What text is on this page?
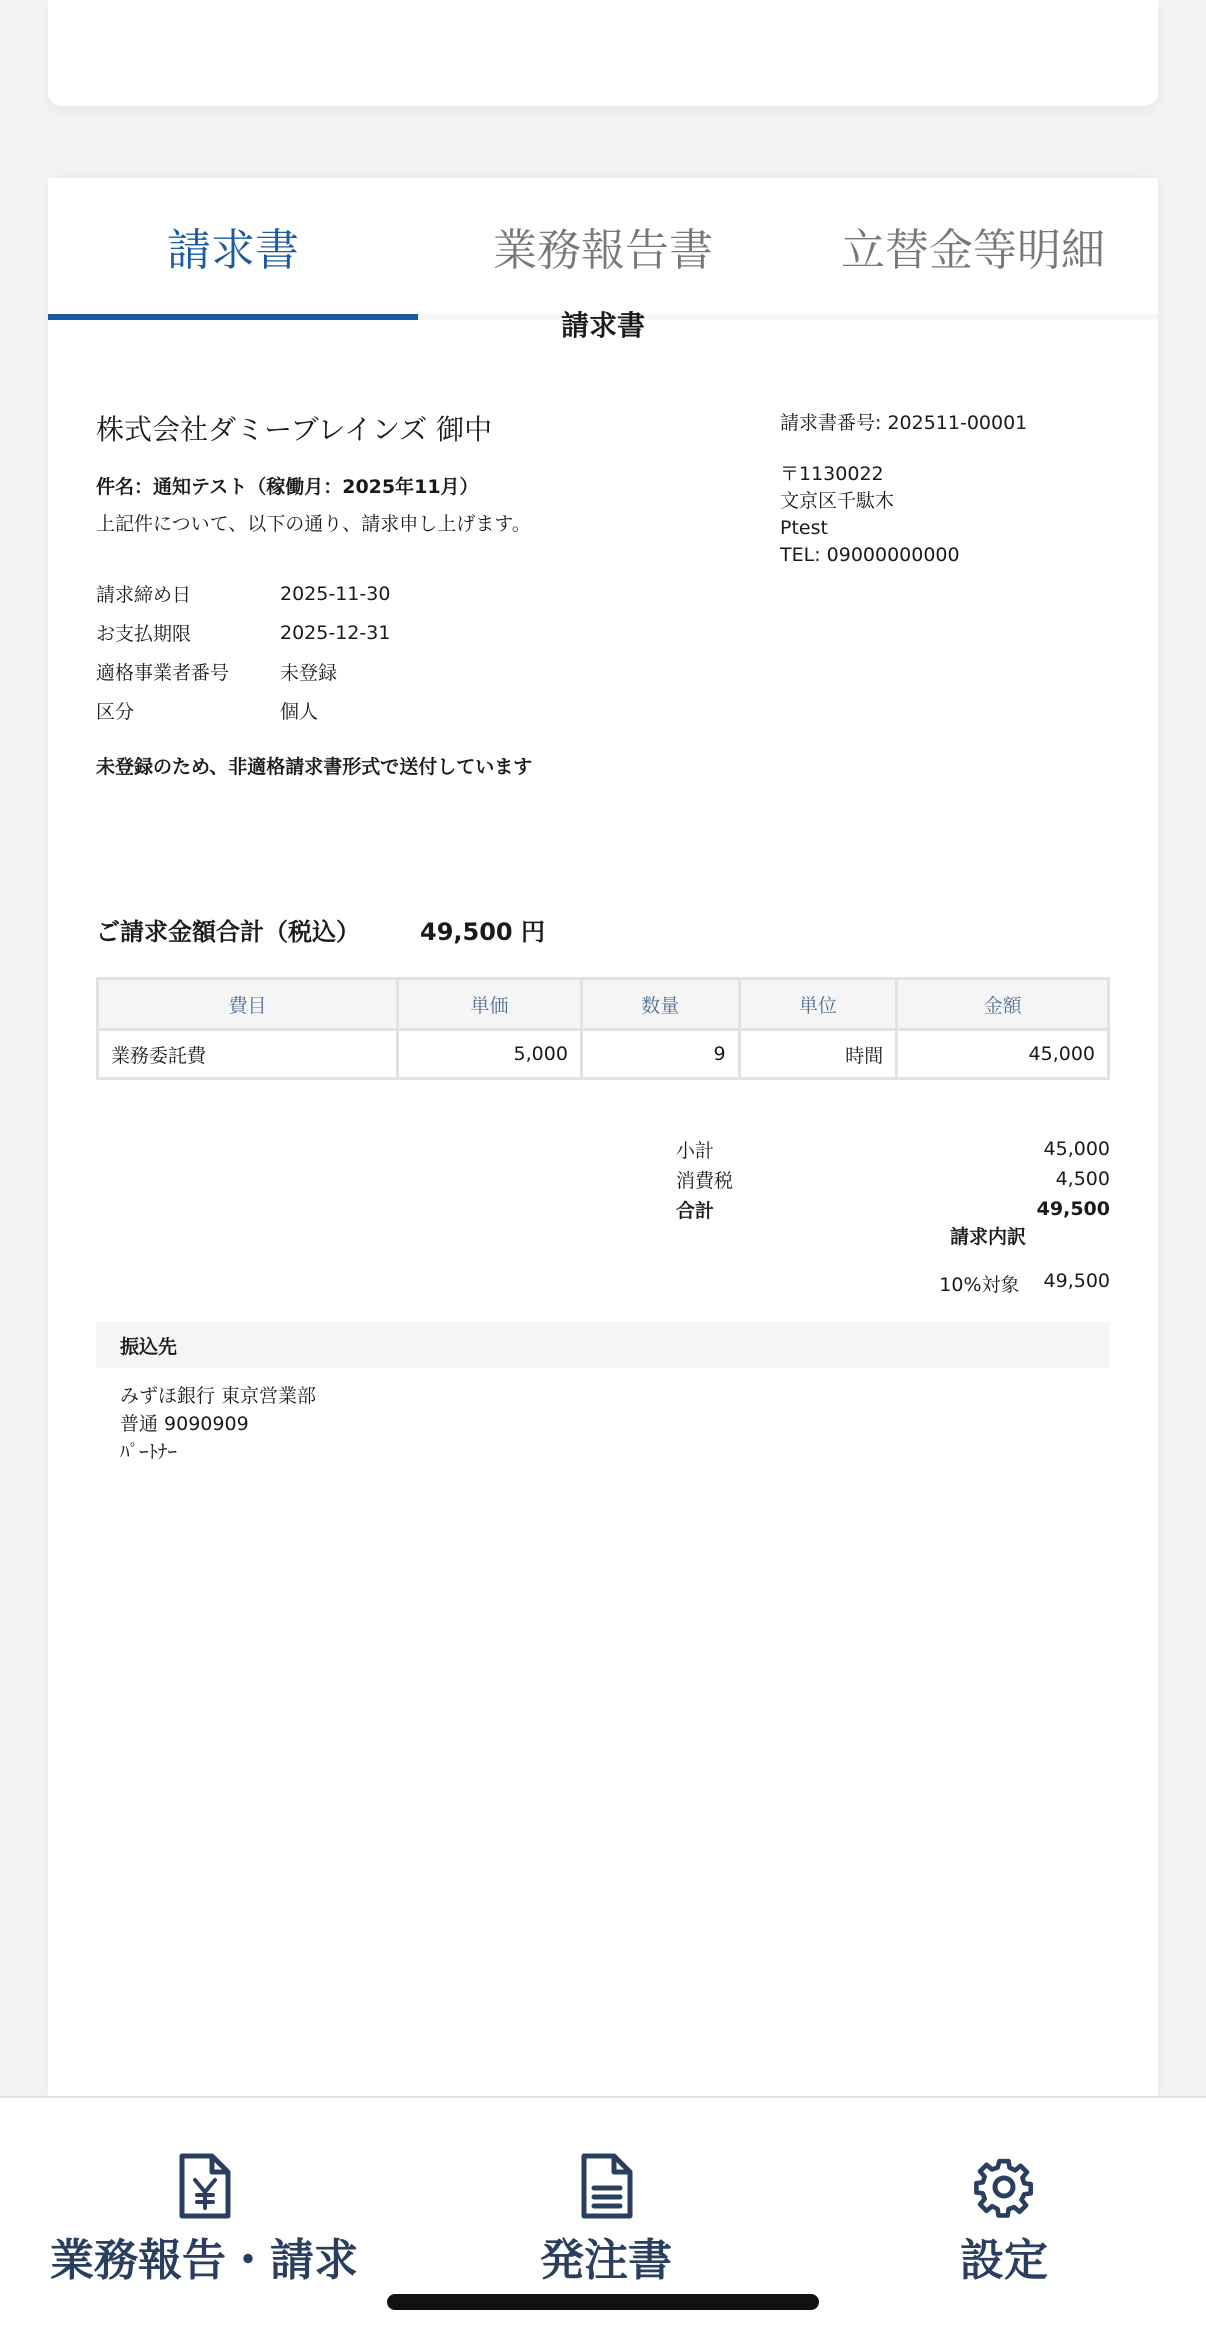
請求書	業務報告書	立替金等明細
請求書
株式会社ダミーブレインズ 御中
件名：通知テスト（稼働月：2025年11月）
上記件について、以下の通り、請求申し上げます。
請求締め日	2025-11-30
お支払期限	2025-12-31
適格事業者番号	未登録
区分	個人
未登録のため、非適格請求書形式で送付しています
請求書番号: 202511-00001
〒1130022
文京区千駄木
Ptest
TEL: 09000000000
ご請求金額合計（税込）	49,500 円
費目	単価	数量	単位	金額
業務委託費	5,000	9	時間	45,000
小計	45,000
消費税	4,500
合計	49,500
請求内訳
10%対象 49,500
振込先
みずほ銀行 東京営業部
普通 9090909
ﾊﾟｰﾄﾅｰ
業務報告・請求	発注書	設定
